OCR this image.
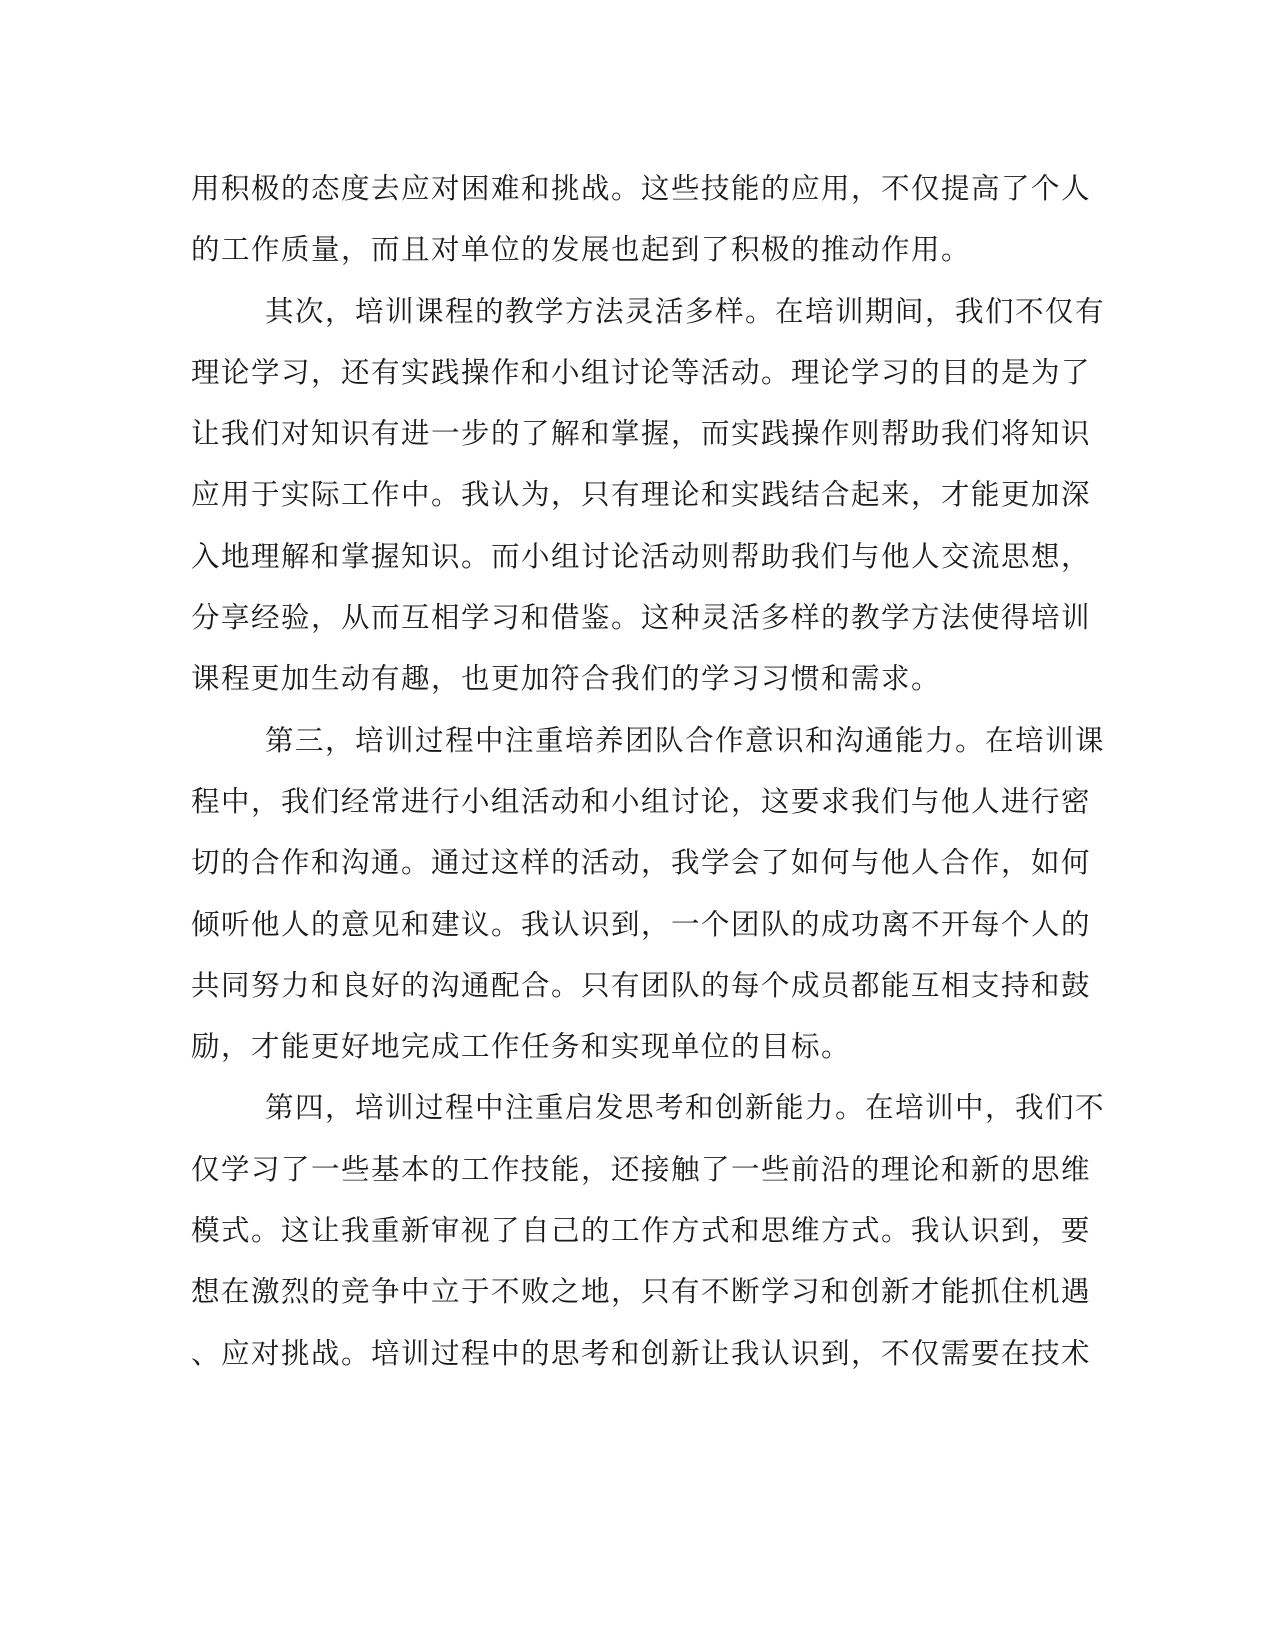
用积极的态度去应对困难和挑战。这些技能的应用，不仅提高了个人
的工作质量，而且对单位的发展也起到了积极的推动作用。
其次，培训课程的教学方法灵活多样。在培训期间，我们不仅有
理论学习，还有实践操作和小组讨论等活动。理论学习的目的是为了
让我们对知识有进一步的了解和掌握，而实践操作则帮助我们将知识
应用于实际工作中。我认为，只有理论和实践结合起来，才能更加深
入地理解和掌握知识。而小组讨论活动则帮助我们与他人交流思想，
分享经验，从而互相学习和借鉴。这种灵活多样的教学方法使得培训
课程更加生动有趣，也更加符合我们的学习习惯和需求。
第三，培训过程中注重培养团队合作意识和沟通能力。在培训课
程中，我们经常进行小组活动和小组讨论，这要求我们与他人进行密
切的合作和沟通。通过这样的活动，我学会了如何与他人合作，如何
倾听他人的意见和建议。我认识到，一个团队的成功离不开每个人的
共同努力和良好的沟通配合。只有团队的每个成员都能互相支持和鼓
励，才能更好地完成工作任务和实现单位的目标。
第四，培训过程中注重启发思考和创新能力。在培训中，我们不
仅学习了一些基本的工作技能，还接触了一些前沿的理论和新的思维
模式。这让我重新审视了自己的工作方式和思维方式。我认识到，要
想在激烈的竞争中立于不败之地，只有不断学习和创新才能抓住机遇
、应对挑战。培训过程中的思考和创新让我认识到，不仅需要在技术
